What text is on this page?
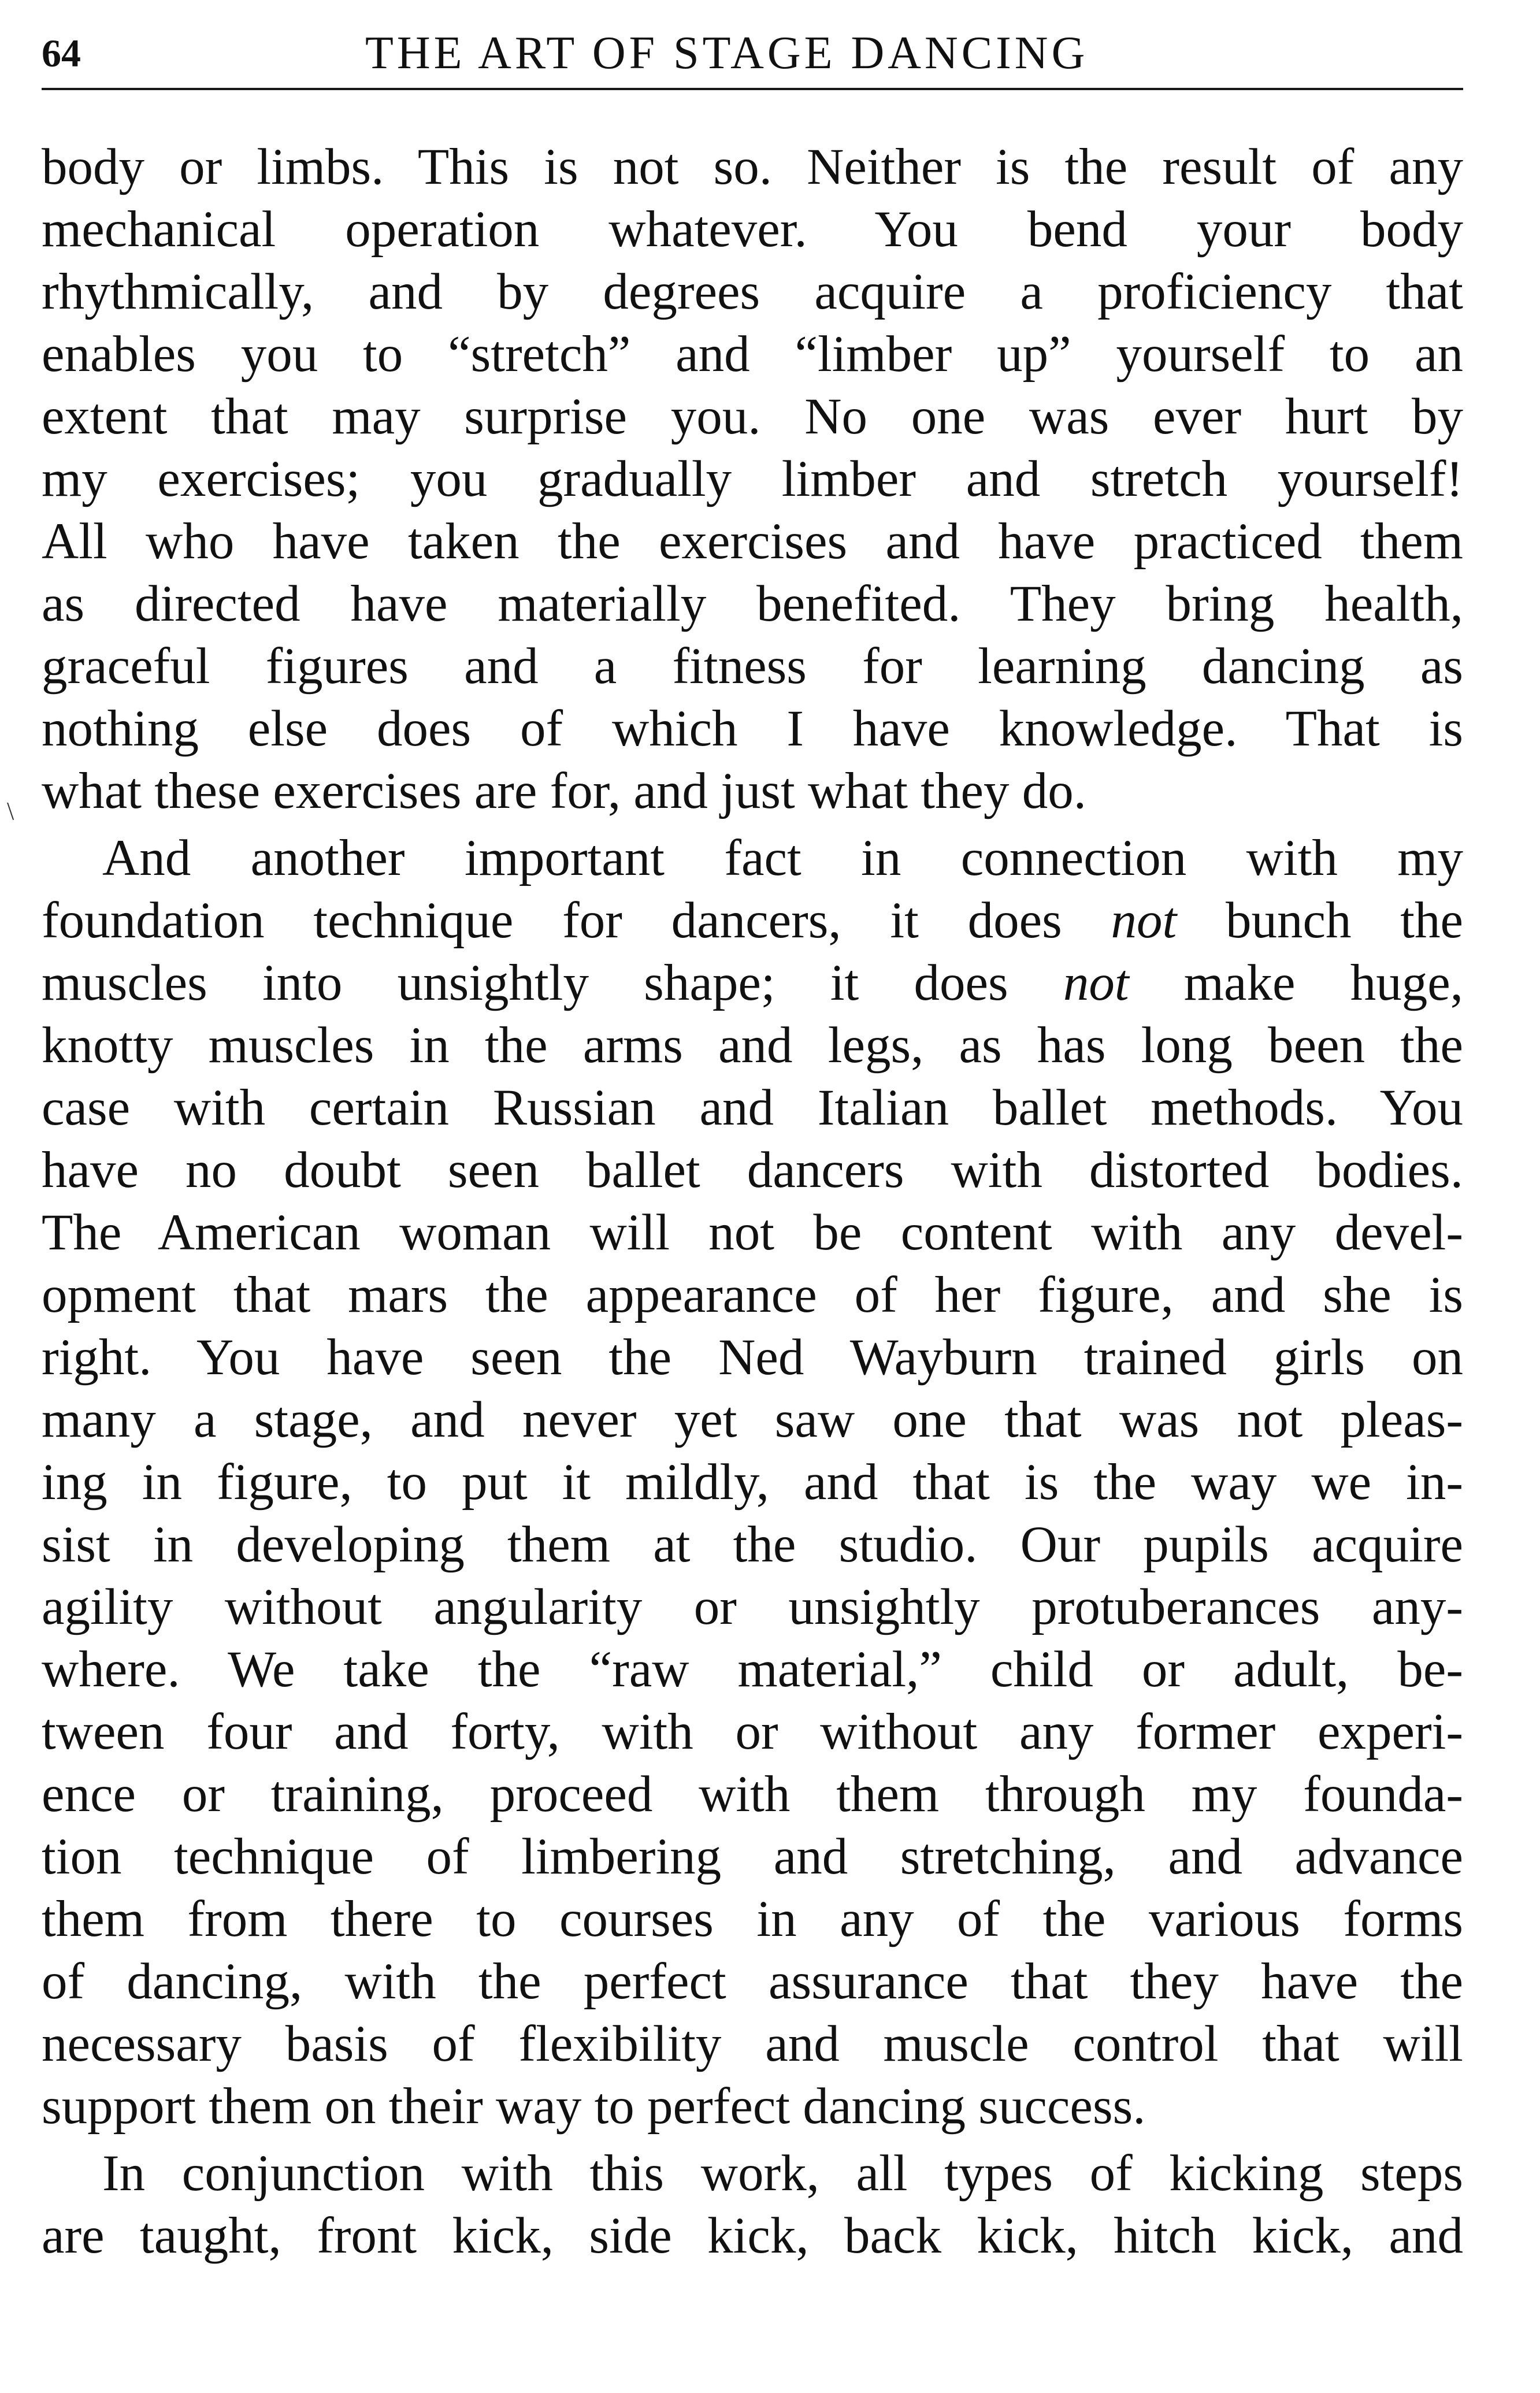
64	THE ART OF STAGE DANCING
\
body or limbs. This is not so. Neither is the result of any
mechanical operation whatever. You bend your body
rhythmically, and by degrees acquire a proficiency that
enables you to “stretch” and “limber up” yourself to an
extent that may surprise you. No one was ever hurt by
my exercises; you gradually limber and stretch yourself!
All who have taken the exercises and have practiced them
as directed have materially benefited. They bring health,
graceful figures and a fitness for learning dancing as
nothing else does of which I have knowledge. That is
what these exercises are for, and just what they do.
And another important fact in connection with my
foundation technique for dancers, it does not bunch the
muscles into unsightly shape; it does not make huge,
knotty muscles in the arms and legs, as has long been the
case with certain Russian and Italian ballet methods. You
have no doubt seen ballet dancers with distorted bodies.
The American woman will not be content with any devel-
opment that mars the appearance of her figure, and she is
right. You have seen the Ned Wayburn trained girls on
many a stage, and never yet saw one that was not pleas-
ing in figure, to put it mildly, and that is the way we in-
sist in developing them at the studio. Our pupils acquire
agility without angularity or unsightly protuberances any-
where. We take the “raw material,” child or adult, be-
tween four and forty, with or without any former experi-
ence or training, proceed with them through my founda-
tion technique of limbering and stretching, and advance
them from there to courses in any of the various forms
of dancing, with the perfect assurance that they have the
necessary basis of flexibility and muscle control that will
support them on their way to perfect dancing success.
In conjunction with this work, all types of kicking steps
are taught, front kick, side kick, back kick, hitch kick, and
